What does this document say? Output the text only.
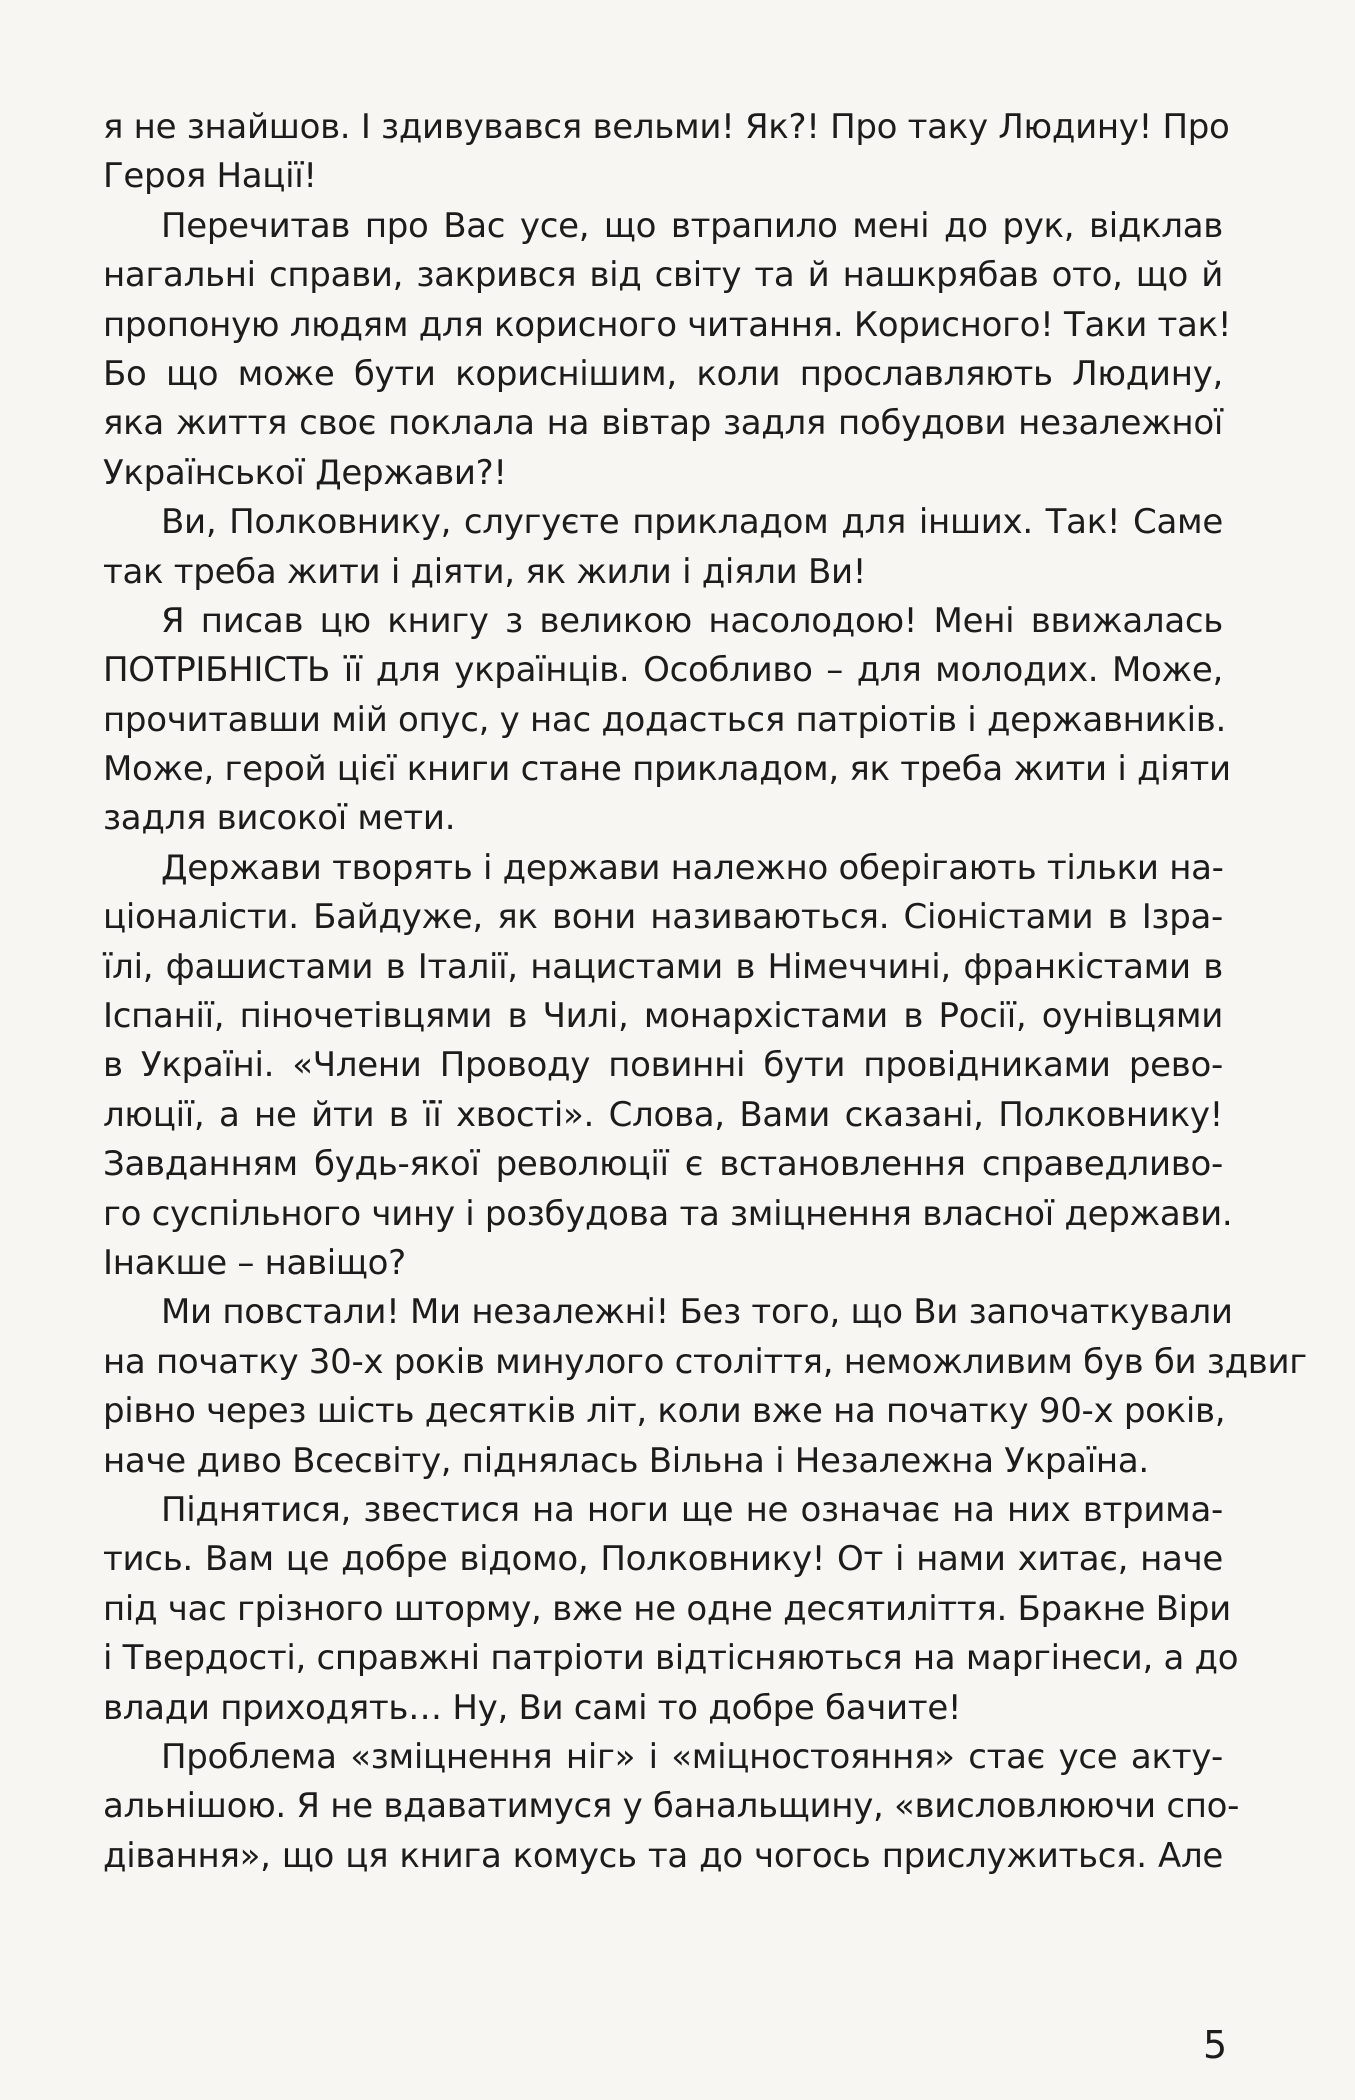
я не знайшов. І здивувався вельми! Як?! Про таку Людину! Про
Героя Нації!
Перечитав про Вас усе, що втрапило мені до рук, відклав
нагальні справи, закрився від світу та й нашкрябав ото, що й
пропоную людям для корисного читання. Корисного! Таки так!
Бо що може бути кориснішим, коли прославляють Людину,
яка життя своє поклала на вівтар задля побудови незалежної
Української Держави?!
Ви, Полковнику, слугуєте прикладом для інших. Так! Саме
так треба жити і діяти, як жили і діяли Ви!
Я писав цю книгу з великою насолодою! Мені ввижалась
ПОТРІБНІСТЬ її для українців. Особливо – для молодих. Може,
прочитавши мій опус, у нас додасться патріотів і державників.
Може, герой цієї книги стане прикладом, як треба жити і діяти
задля високої мети.
Держави творять і держави належно оберігають тільки на-
ціоналісти. Байдуже, як вони називаються. Сіоністами в Ізра-
їлі, фашистами в Італії, нацистами в Німеччині, франкістами в
Іспанії, піночетівцями в Чилі, монархістами в Росії, оунівцями
в Україні. «Члени Проводу повинні бути провідниками рево-
люції, а не йти в її хвості». Слова, Вами сказані, Полковнику!
Завданням будь-якої революції є встановлення справедливо-
го суспільного чину і розбудова та зміцнення власної держави.
Інакше – навіщо?
Ми повстали! Ми незалежні! Без того, що Ви започаткували
на початку 30-х років минулого століття, неможливим був би здвиг
рівно через шість десятків літ, коли вже на початку 90-х років,
наче диво Всесвіту, піднялась Вільна і Незалежна Україна.
Піднятися, звестися на ноги ще не означає на них втрима-
тись. Вам це добре відомо, Полковнику! От і нами хитає, наче
під час грізного шторму, вже не одне десятиліття. Бракне Віри
і Твердості, справжні патріоти відтісняються на маргінеси, а до
влади приходять… Ну, Ви самі то добре бачите!
Проблема «зміцнення ніг» і «міцностояння» стає усе акту-
альнішою. Я не вдаватимуся у банальщину, «висловлюючи спо-
дівання», що ця книга комусь та до чогось прислужиться. Але
5
